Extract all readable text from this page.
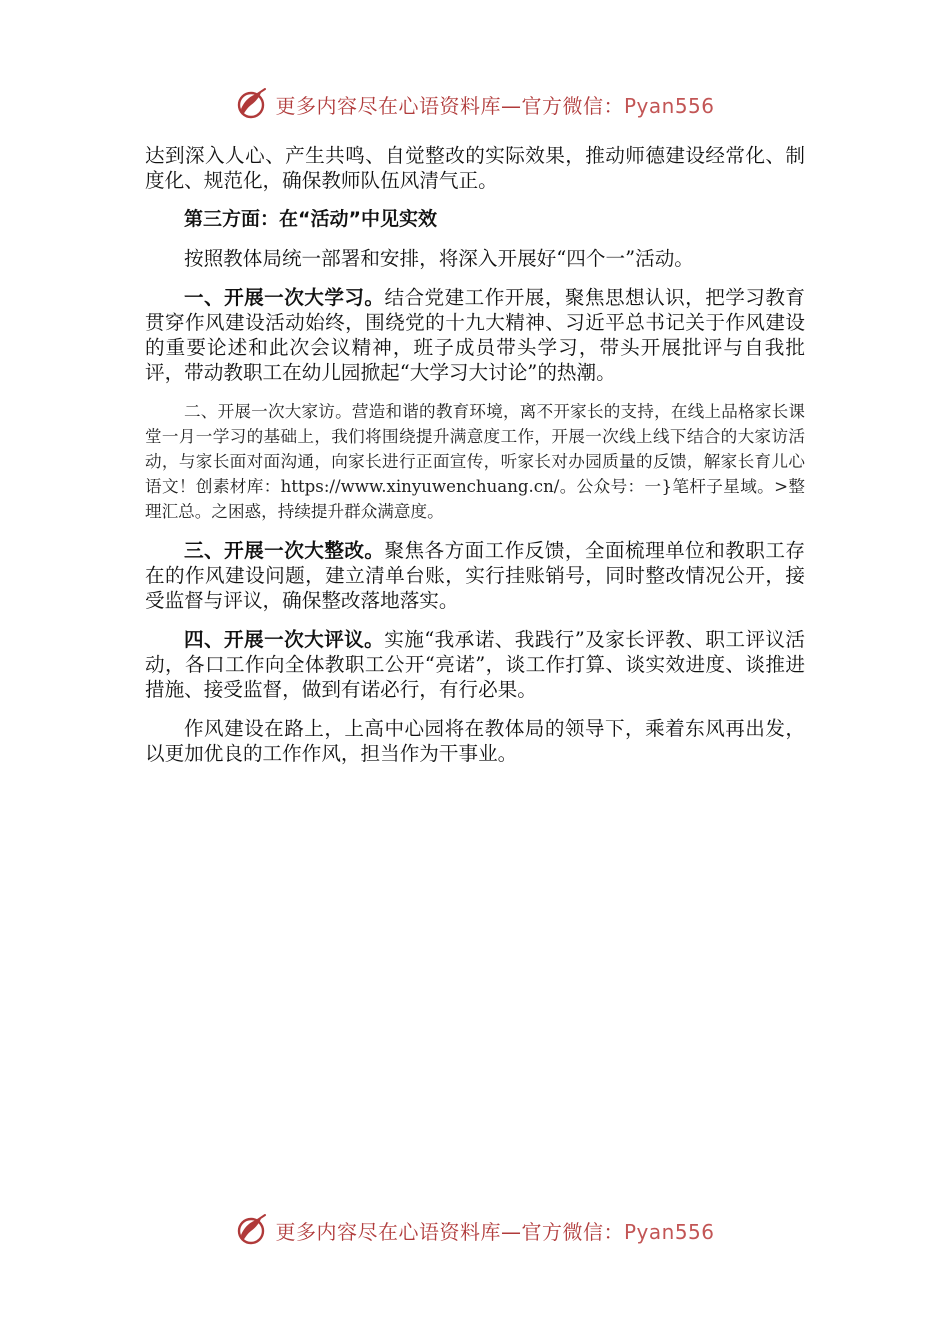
更多内容尽在心语资料库—官方微信：Pyan556

达到深入人心、产生共鸣、自觉整改的实际效果，推动师德建设经常化、制度化、规范化，确保教师队伍风清气正。

第三方面：在“活动”中见实效

按照教体局统一部署和安排，将深入开展好“四个一”活动。

一、开展一次大学习。结合党建工作开展，聚焦思想认识，把学习教育贯穿作风建设活动始终，围绕党的十九大精神、习近平总书记关于作风建设的重要论述和此次会议精神，班子成员带头学习，带头开展批评与自我批评，带动教职工在幼儿园掀起“大学习大讨论”的热潮。

二、开展一次大家访。营造和谐的教育环境，离不开家长的支持，在线上品格家长课堂一月一学习的基础上，我们将围绕提升满意度工作，开展一次线上线下结合的大家访活动，与家长面对面沟通，向家长进行正面宣传，听家长对办园质量的反馈，解家长育儿心语文！创素材库：https://www.xinyuwenchuang.cn/。公众号：一}笔杆子星域。>整理汇总。之困惑，持续提升群众满意度。

三、开展一次大整改。聚焦各方面工作反馈，全面梳理单位和教职工存在的作风建设问题，建立清单台账，实行挂账销号，同时整改情况公开，接受监督与评议，确保整改落地落实。

四、开展一次大评议。实施“我承诺、我践行”及家长评教、职工评议活动，各口工作向全体教职工公开“亮诺”，谈工作打算、谈实效进度、谈推进措施、接受监督，做到有诺必行，有行必果。

作风建设在路上，上高中心园将在教体局的领导下，乘着东风再出发，以更加优良的工作作风，担当作为干事业。

更多内容尽在心语资料库—官方微信：Pyan556
